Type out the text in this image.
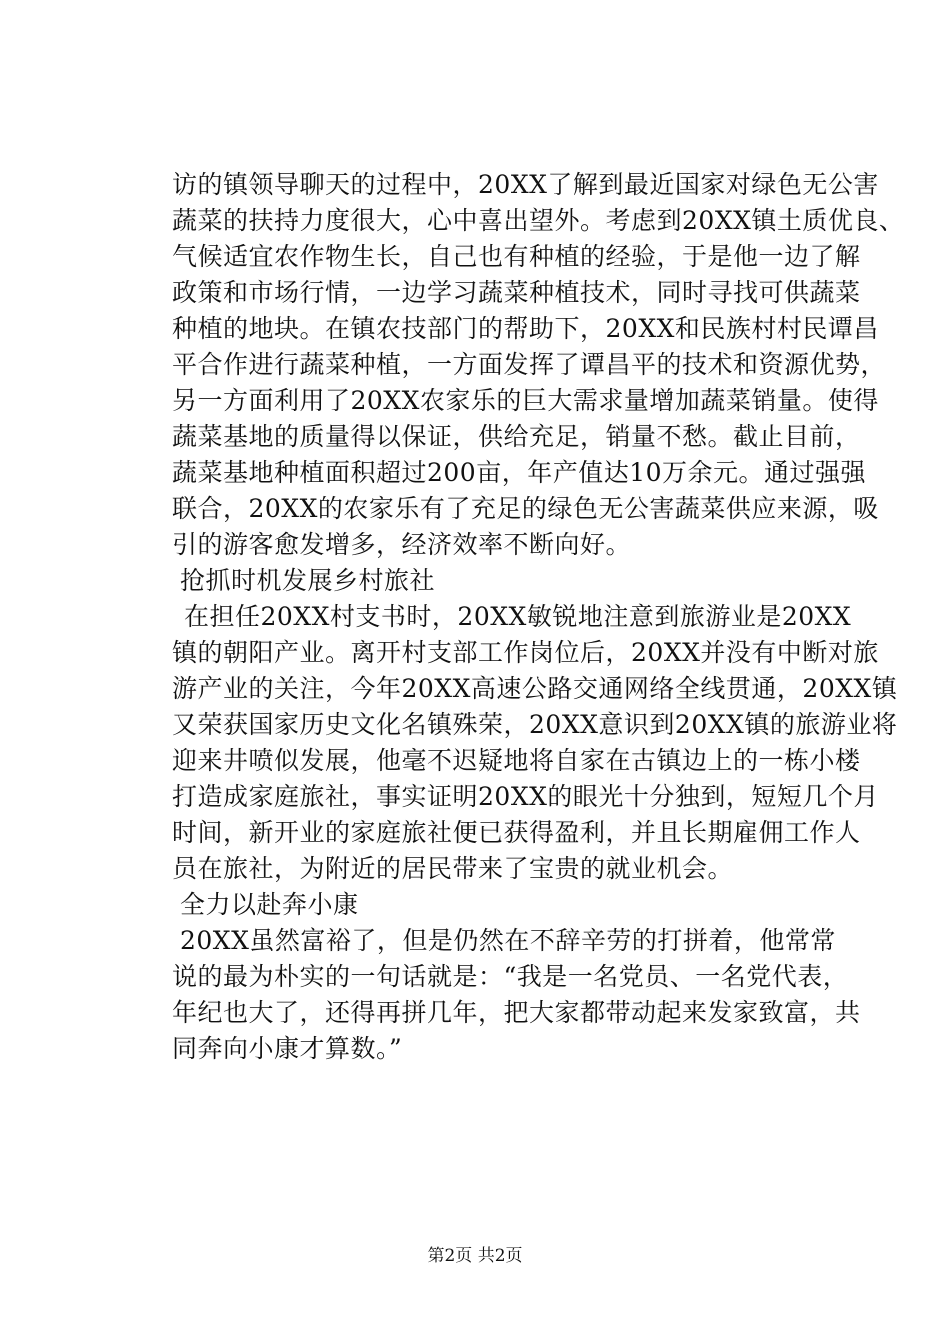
访的镇领导聊天的过程中，20XX了解到最近国家对绿色无公害
蔬菜的扶持力度很大，心中喜出望外。考虑到20XX镇土质优良、
气候适宜农作物生长，自己也有种植的经验，于是他一边了解
政策和市场行情，一边学习蔬菜种植技术，同时寻找可供蔬菜
种植的地块。在镇农技部门的帮助下，20XX和民族村村民谭昌
平合作进行蔬菜种植，一方面发挥了谭昌平的技术和资源优势，
另一方面利用了20XX农家乐的巨大需求量增加蔬菜销量。使得
蔬菜基地的质量得以保证，供给充足，销量不愁。截止目前，
蔬菜基地种植面积超过200亩，年产值达10万余元。通过强强
联合，20XX的农家乐有了充足的绿色无公害蔬菜供应来源，吸
引的游客愈发增多，经济效率不断向好。
抢抓时机发展乡村旅社
在担任20XX村支书时，20XX敏锐地注意到旅游业是20XX
镇的朝阳产业。离开村支部工作岗位后，20XX并没有中断对旅
游产业的关注，今年20XX高速公路交通网络全线贯通，20XX镇
又荣获国家历史文化名镇殊荣，20XX意识到20XX镇的旅游业将
迎来井喷似发展，他毫不迟疑地将自家在古镇边上的一栋小楼
打造成家庭旅社，事实证明20XX的眼光十分独到，短短几个月
时间，新开业的家庭旅社便已获得盈利，并且长期雇佣工作人
员在旅社，为附近的居民带来了宝贵的就业机会。
全力以赴奔小康
20XX虽然富裕了，但是仍然在不辞辛劳的打拼着，他常常
说的最为朴实的一句话就是：“我是一名党员、一名党代表，
年纪也大了，还得再拼几年，把大家都带动起来发家致富，共
同奔向小康才算数。”
第2页 共2页
